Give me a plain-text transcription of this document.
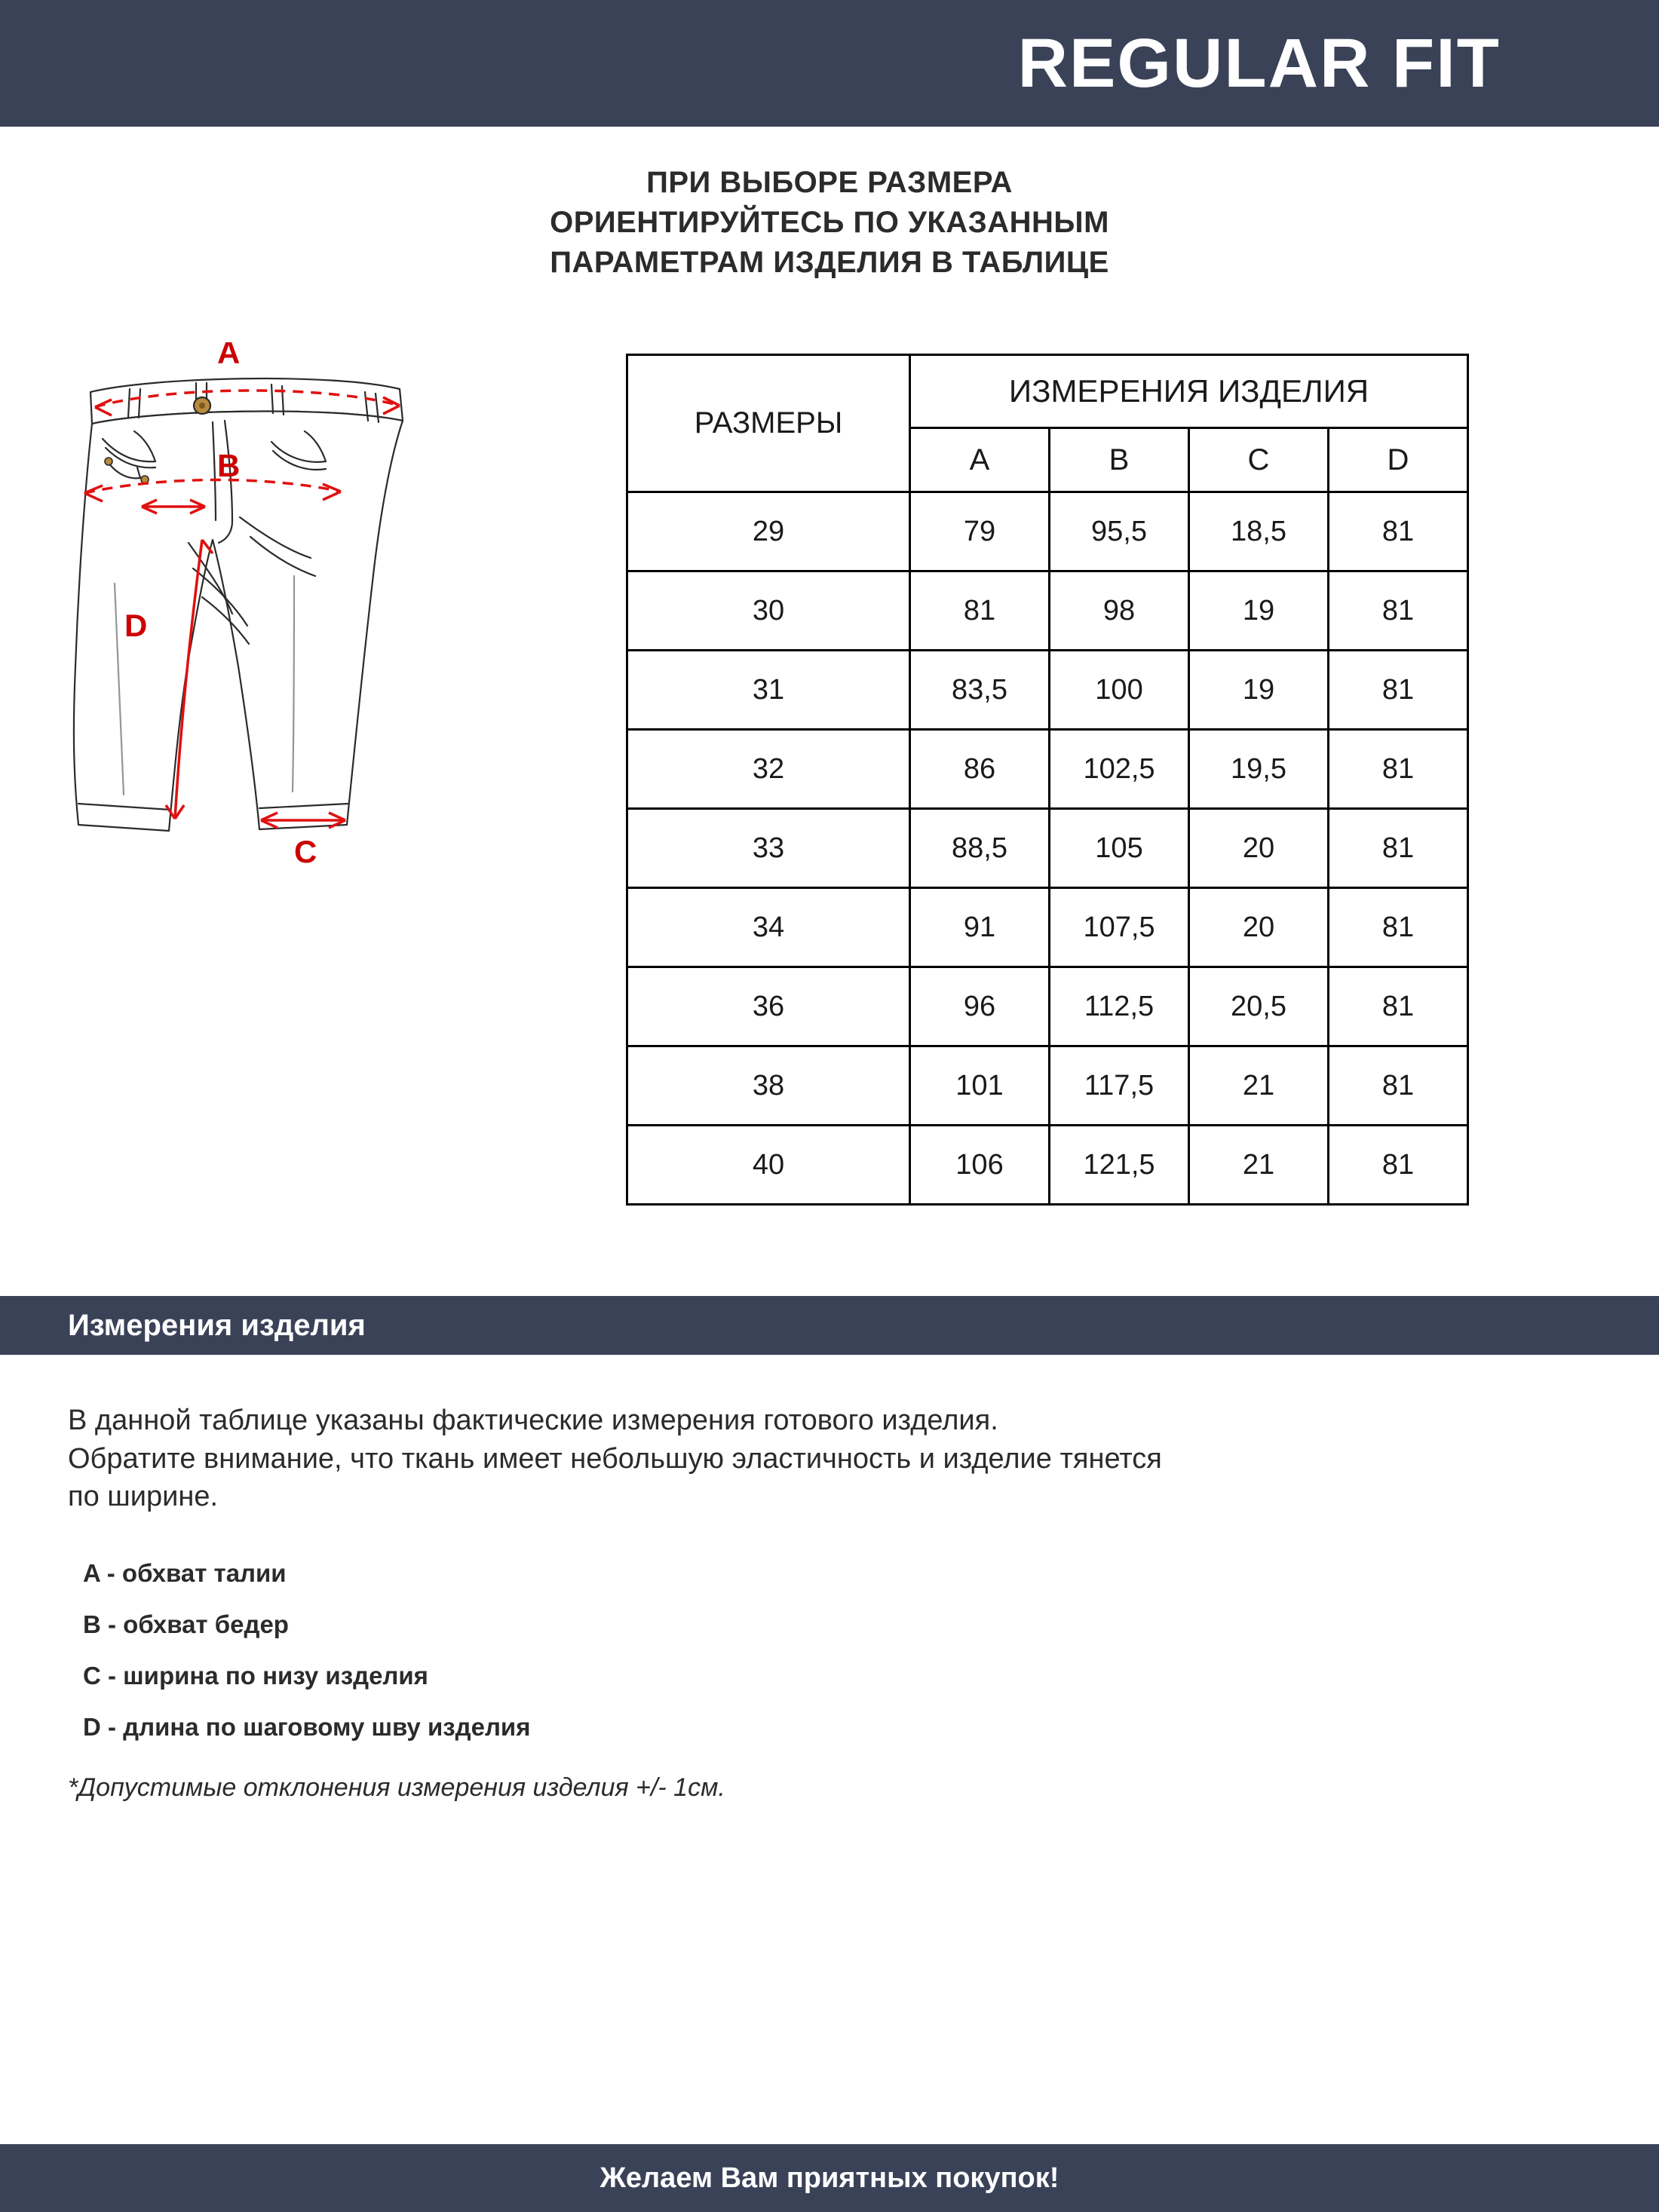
REGULAR FIT
ПРИ ВЫБОРЕ РАЗМЕРА
ОРИЕНТИРУЙТЕСЬ ПО УКАЗАННЫМ
ПАРАМЕТРАМ ИЗДЕЛИЯ В ТАБЛИЦЕ
A
B
D
C
РАЗМЕРЫ	ИЗМЕРЕНИЯ ИЗДЕЛИЯ			
	A	B	C	D
29	79	95,5	18,5	81
30	81	98	19	81
31	83,5	100	19	81
32	86	102,5	19,5	81
33	88,5	105	20	81
34	91	107,5	20	81
36	96	112,5	20,5	81
38	101	117,5	21	81
40	106	121,5	21	81
Измерения изделия
В данной таблице указаны фактические измерения готового изделия.
Обратите внимание, что ткань имеет небольшую эластичность и изделие тянется
по ширине.
A - обхват талии
B - обхват бедер
C - ширина по низу изделия
D - длина по шаговому шву изделия
*Допустимые отклонения измерения изделия +/- 1см.
Желаем Вам приятных покупок!
